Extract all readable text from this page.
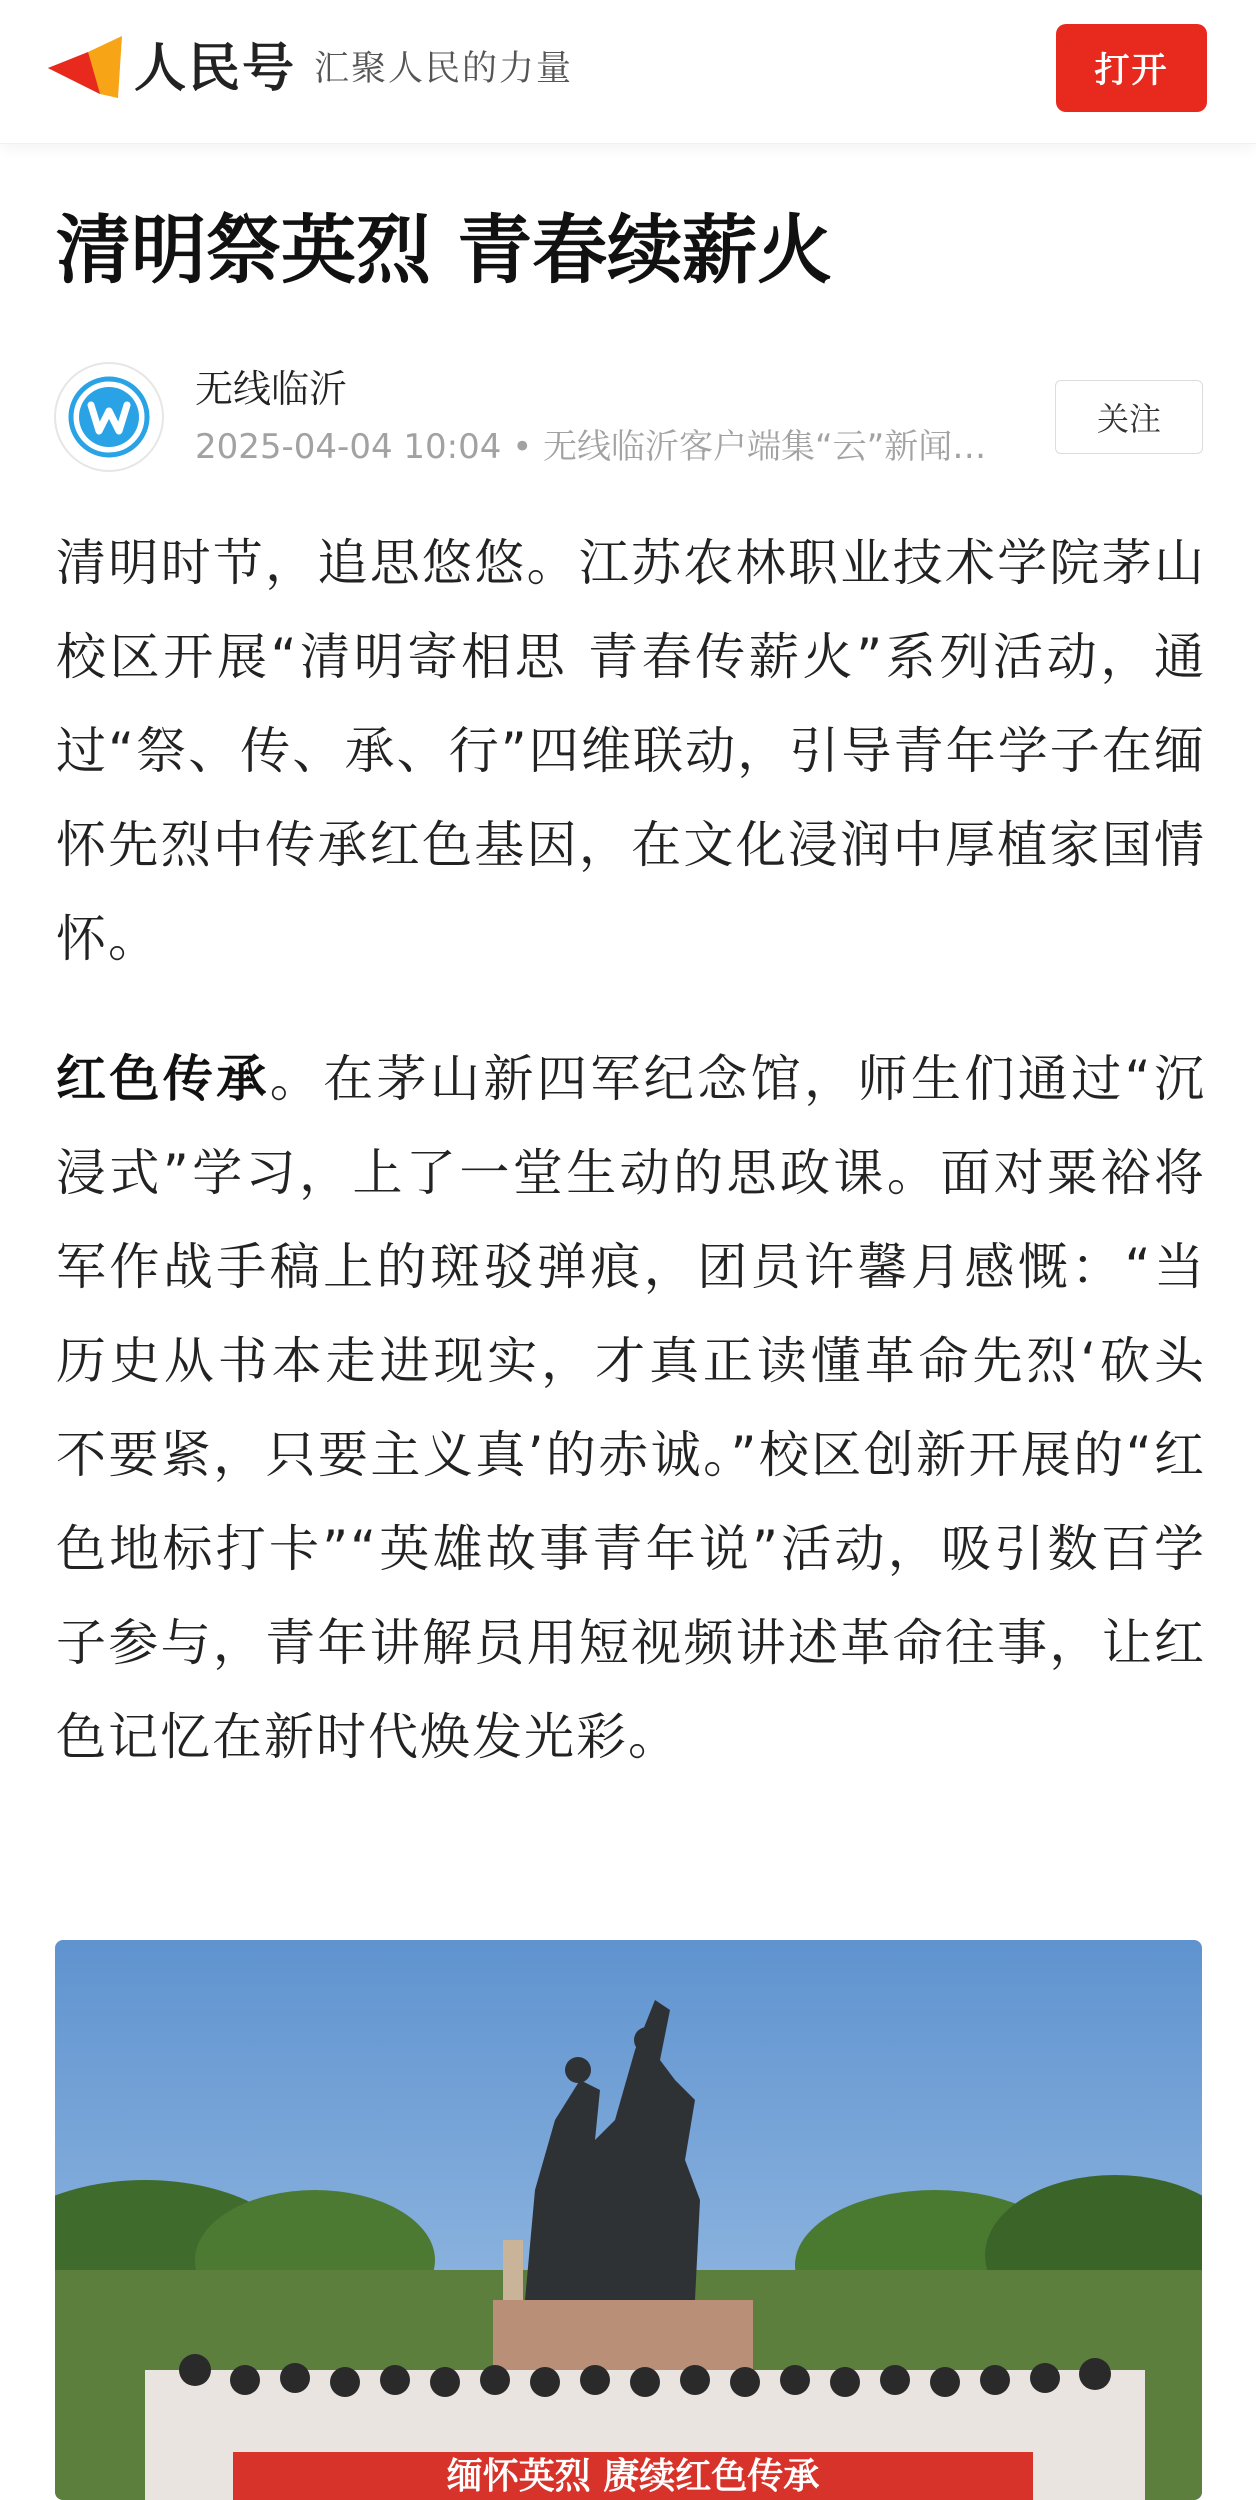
人民号 汇聚人民的力量	打开
清明祭英烈 青春续薪火
无线临沂
2025-04-04 10:04 • 无线临沂客户端集“云”新闻…
关注

清明时节，追思悠悠。江苏农林职业技术学院茅山校区开展“清明寄相思 青春传薪火”系列活动，通过“祭、传、承、行”四维联动，引导青年学子在缅怀先烈中传承红色基因，在文化浸润中厚植家国情怀。

红色传承。在茅山新四军纪念馆，师生们通过“沉浸式”学习，上了一堂生动的思政课。面对粟裕将军作战手稿上的斑驳弹痕，团员许馨月感慨：“当历史从书本走进现实，才真正读懂革命先烈‘砍头不要紧，只要主义真’的赤诚。”校区创新开展的“红色地标打卡”“英雄故事青年说”活动，吸引数百学子参与，青年讲解员用短视频讲述革命往事，让红色记忆在新时代焕发光彩。

缅怀英烈 赓续红色传承
